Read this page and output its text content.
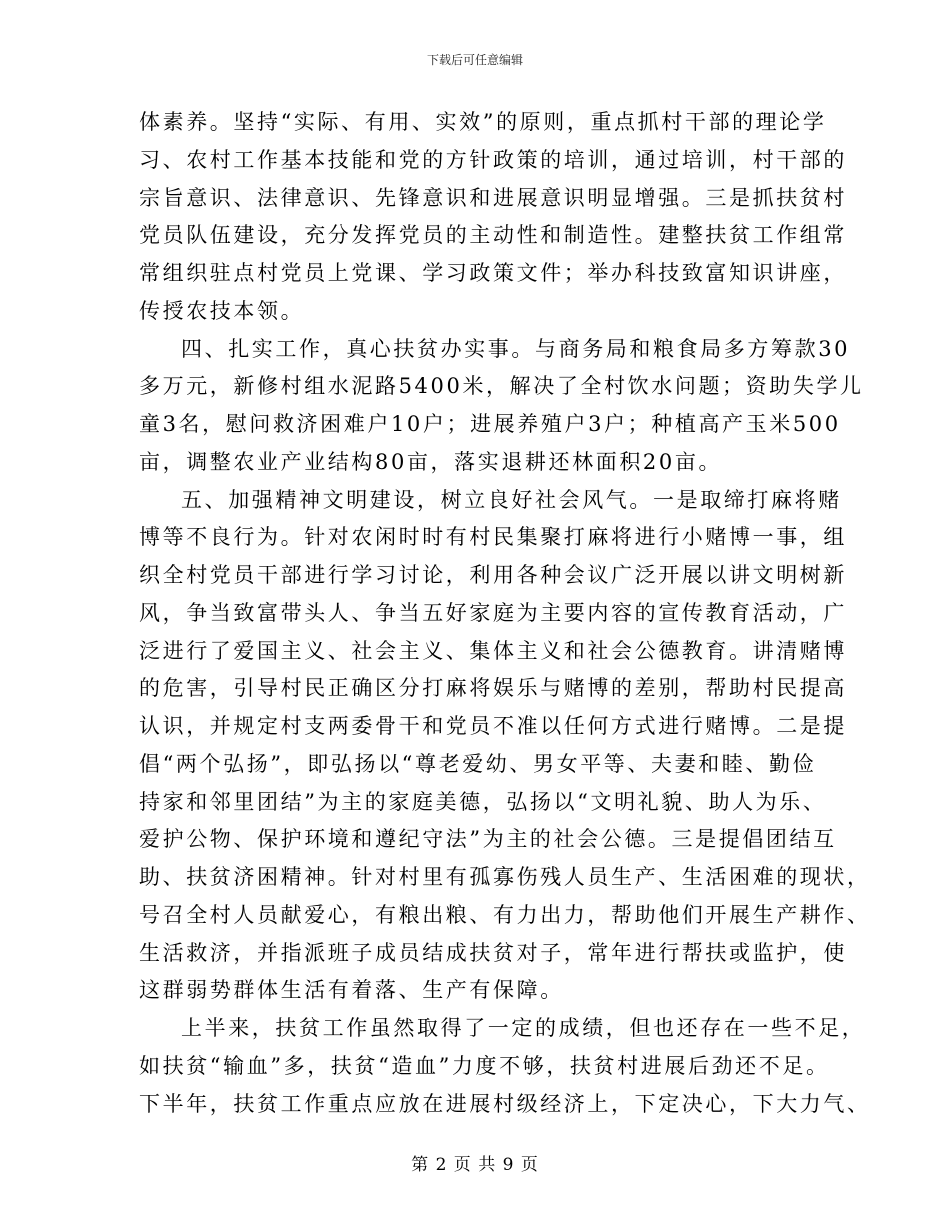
下载后可任意编辑
体素养。坚持“实际、有用、实效”的原则，重点抓村干部的理论学
习、农村工作基本技能和党的方针政策的培训，通过培训，村干部的
宗旨意识、法律意识、先锋意识和进展意识明显增强。三是抓扶贫村
党员队伍建设，充分发挥党员的主动性和制造性。建整扶贫工作组常
常组织驻点村党员上党课、学习政策文件；举办科技致富知识讲座，
传授农技本领。
四、扎实工作，真心扶贫办实事。与商务局和粮食局多方筹款30
多万元，新修村组水泥路5400米，解决了全村饮水问题；资助失学儿
童3名，慰问救济困难户10户；进展养殖户3户；种植高产玉米500
亩，调整农业产业结构80亩，落实退耕还林面积20亩。
五、加强精神文明建设，树立良好社会风气。一是取缔打麻将赌
博等不良行为。针对农闲时时有村民集聚打麻将进行小赌博一事，组
织全村党员干部进行学习讨论，利用各种会议广泛开展以讲文明树新
风，争当致富带头人、争当五好家庭为主要内容的宣传教育活动，广
泛进行了爱国主义、社会主义、集体主义和社会公德教育。讲清赌博
的危害，引导村民正确区分打麻将娱乐与赌博的差别，帮助村民提高
认识，并规定村支两委骨干和党员不准以任何方式进行赌博。二是提
倡“两个弘扬”，即弘扬以“尊老爱幼、男女平等、夫妻和睦、勤俭
持家和邻里团结”为主的家庭美德，弘扬以“文明礼貌、助人为乐、
爱护公物、保护环境和遵纪守法”为主的社会公德。三是提倡团结互
助、扶贫济困精神。针对村里有孤寡伤残人员生产、生活困难的现状，
号召全村人员献爱心，有粮出粮、有力出力，帮助他们开展生产耕作、
生活救济，并指派班子成员结成扶贫对子，常年进行帮扶或监护，使
这群弱势群体生活有着落、生产有保障。
上半来，扶贫工作虽然取得了一定的成绩，但也还存在一些不足，
如扶贫“输血”多，扶贫“造血”力度不够，扶贫村进展后劲还不足。
下半年，扶贫工作重点应放在进展村级经济上，下定决心，下大力气、
第 2 页 共 9 页
